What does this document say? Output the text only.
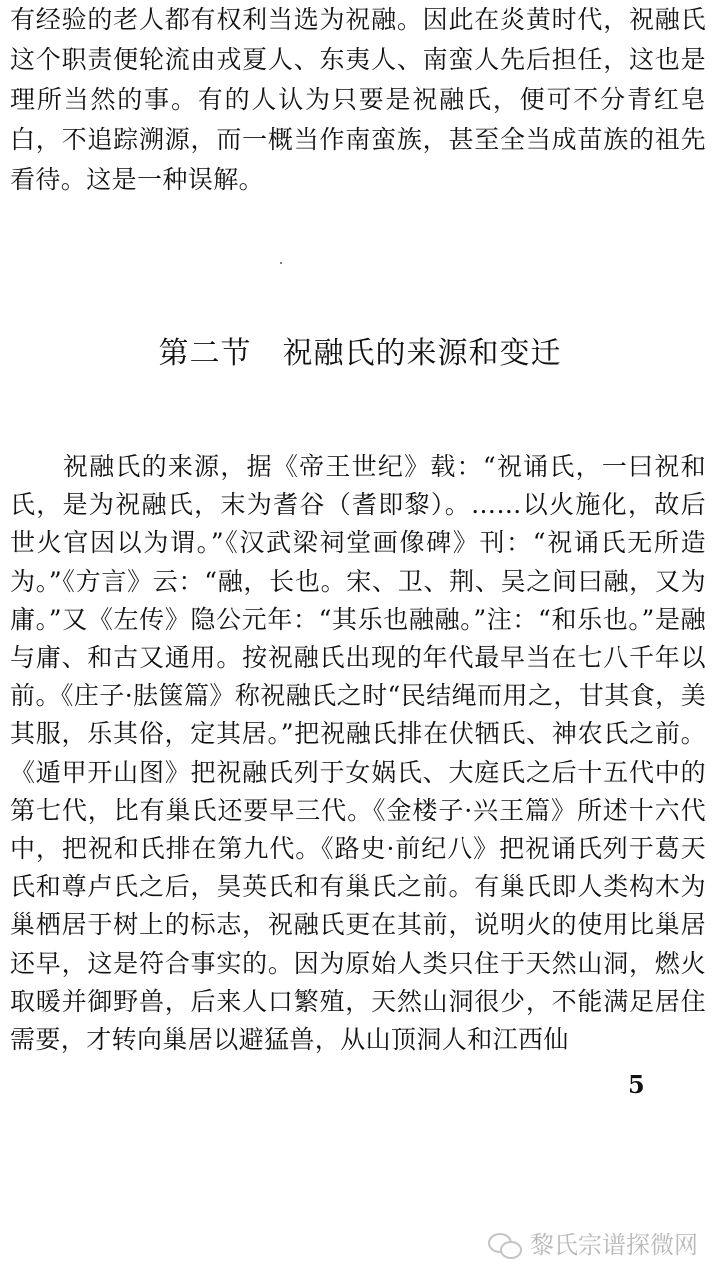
有经验的老人都有权利当选为祝融。因此在炎黄时代，祝融氏这个职责便轮流由戎夏人、东夷人、南蛮人先后担任，这也是理所当然的事。有的人认为只要是祝融氏，便可不分青红皂白，不追踪溯源，而一概当作南蛮族，甚至全当成苗族的祖先看待。这是一种误解。

第二节　祝融氏的来源和变迁

祝融氏的来源，据《帝王世纪》载：“祝诵氏，一曰祝和氏，是为祝融氏，末为耆谷（耆即黎）。……以火施化，故后世火官因以为谓。”《汉武梁祠堂画像碑》刊：“祝诵氏无所造为。”《方言》云：“融，长也。宋、卫、荆、吴之间曰融，又为庸。”又《左传》隐公元年：“其乐也融融。”注：“和乐也。”是融与庸、和古又通用。按祝融氏出现的年代最早当在七八千年以前。《庄子·胠箧篇》称祝融氏之时“民结绳而用之，甘其食，美其服，乐其俗，定其居。”把祝融氏排在伏牺氏、神农氏之前。《遁甲开山图》把祝融氏列于女娲氏、大庭氏之后十五代中的第七代，比有巢氏还要早三代。《金楼子·兴王篇》所述十六代中，把祝和氏排在第九代。《路史·前纪八》把祝诵氏列于葛天氏和尊卢氏之后，昊英氏和有巢氏之前。有巢氏即人类构木为巢栖居于树上的标志，祝融氏更在其前，说明火的使用比巢居还早，这是符合事实的。因为原始人类只住于天然山洞，燃火取暖并御野兽，后来人口繁殖，天然山洞很少，不能满足居住需要，才转向巢居以避猛兽，从山顶洞人和江西仙

5
黎氏宗谱探微网
